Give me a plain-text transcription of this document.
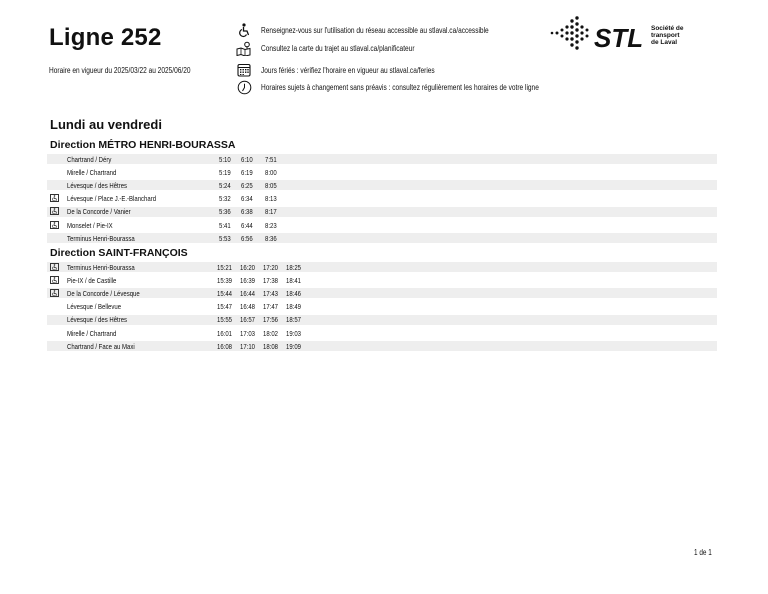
Ligne 252
Horaire en vigueur du 2025/03/22 au 2025/06/20
Renseignez-vous sur l'utilisation du réseau accessible au stlaval.ca/accessible
Consultez la carte du trajet au stlaval.ca/planificateur
Jours fériés : vérifiez l'horaire en vigueur au stlaval.ca/feries
Horaires sujets à changement sans préavis : consultez régulièrement les horaires de votre ligne
STL Société de
transport
de Laval
Lundi au vendredi
Direction MÉTRO HENRI-BOURASSA
Chartrand / Déry	5:10 6:10 7:51
Mirelle / Chartrand	5:19 6:19 8:00
Lévesque / des Hêtres	5:24 6:25 8:05
Lévesque / Place J.-E.-Blanchard	5:32 6:34 8:13
De la Concorde / Vanier	5:36 6:38 8:17
Monselet / Pie-IX	5:41 6:44 8:23
Terminus Henri-Bourassa	5:53 6:56 8:36
Direction SAINT-FRANÇOIS
Terminus Henri-Bourassa	15:21 16:20 17:20 18:25
Pie-IX / de Castille	15:39 16:39 17:38 18:41
De la Concorde / Lévesque	15:44 16:44 17:43 18:46
Lévesque / Bellevue	15:47 16:48 17:47 18:49
Lévesque / des Hêtres	15:55 16:57 17:56 18:57
Mirelle / Chartrand	16:01 17:03 18:02 19:03
Chartrand / Face au Maxi	16:08 17:10 18:08 19:09
1 de 1
